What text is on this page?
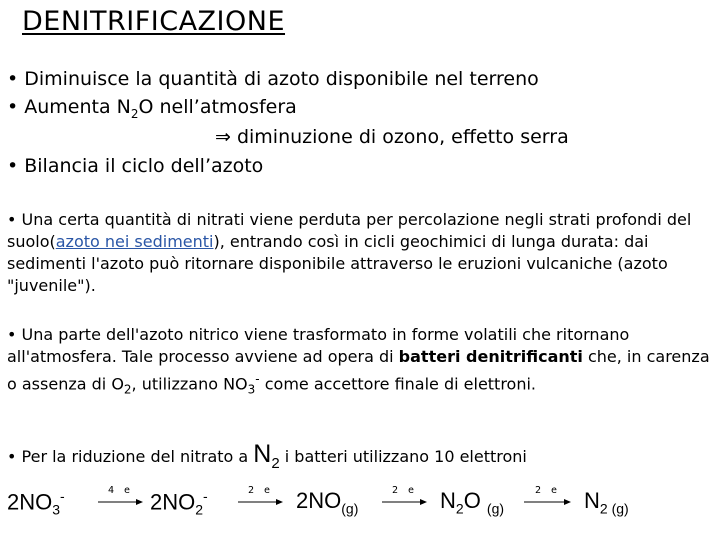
DENITRIFICAZIONE
• Diminuisce la quantità di azoto disponibile nel terreno
• Aumenta $N_2O$ nell’atmosfera
⇒ diminuzione di ozono, effetto serra
• Bilancia il ciclo dell’azoto
• Una certa quantità di nitrati viene perduta per percolazione negli strati profondi del suolo(azoto nei sedimenti), entrando così in cicli geochimici di lunga durata: dai sedimenti l'azoto può ritornare disponibile attraverso le eruzioni vulcaniche (azoto "juvenile").
• Una parte dell'azoto nitrico viene trasformato in forme volatili che ritornano all'atmosfera. Tale processo avviene ad opera di batteri denitrificanti che, in carenza o assenza di $O_2$, utilizzano $NO_3^-$ come accettore finale di elettroni.
• Per la riduzione del nitrato a $N_2$ i batteri utilizzano 10 elettroni
$2NO_3^-$	4 e $2NO_2^-$	2 e	$2NO_{(g)}$
2 e	$N_2O$ $_{(g)}$
2 e	$N_{2 (g)}$
